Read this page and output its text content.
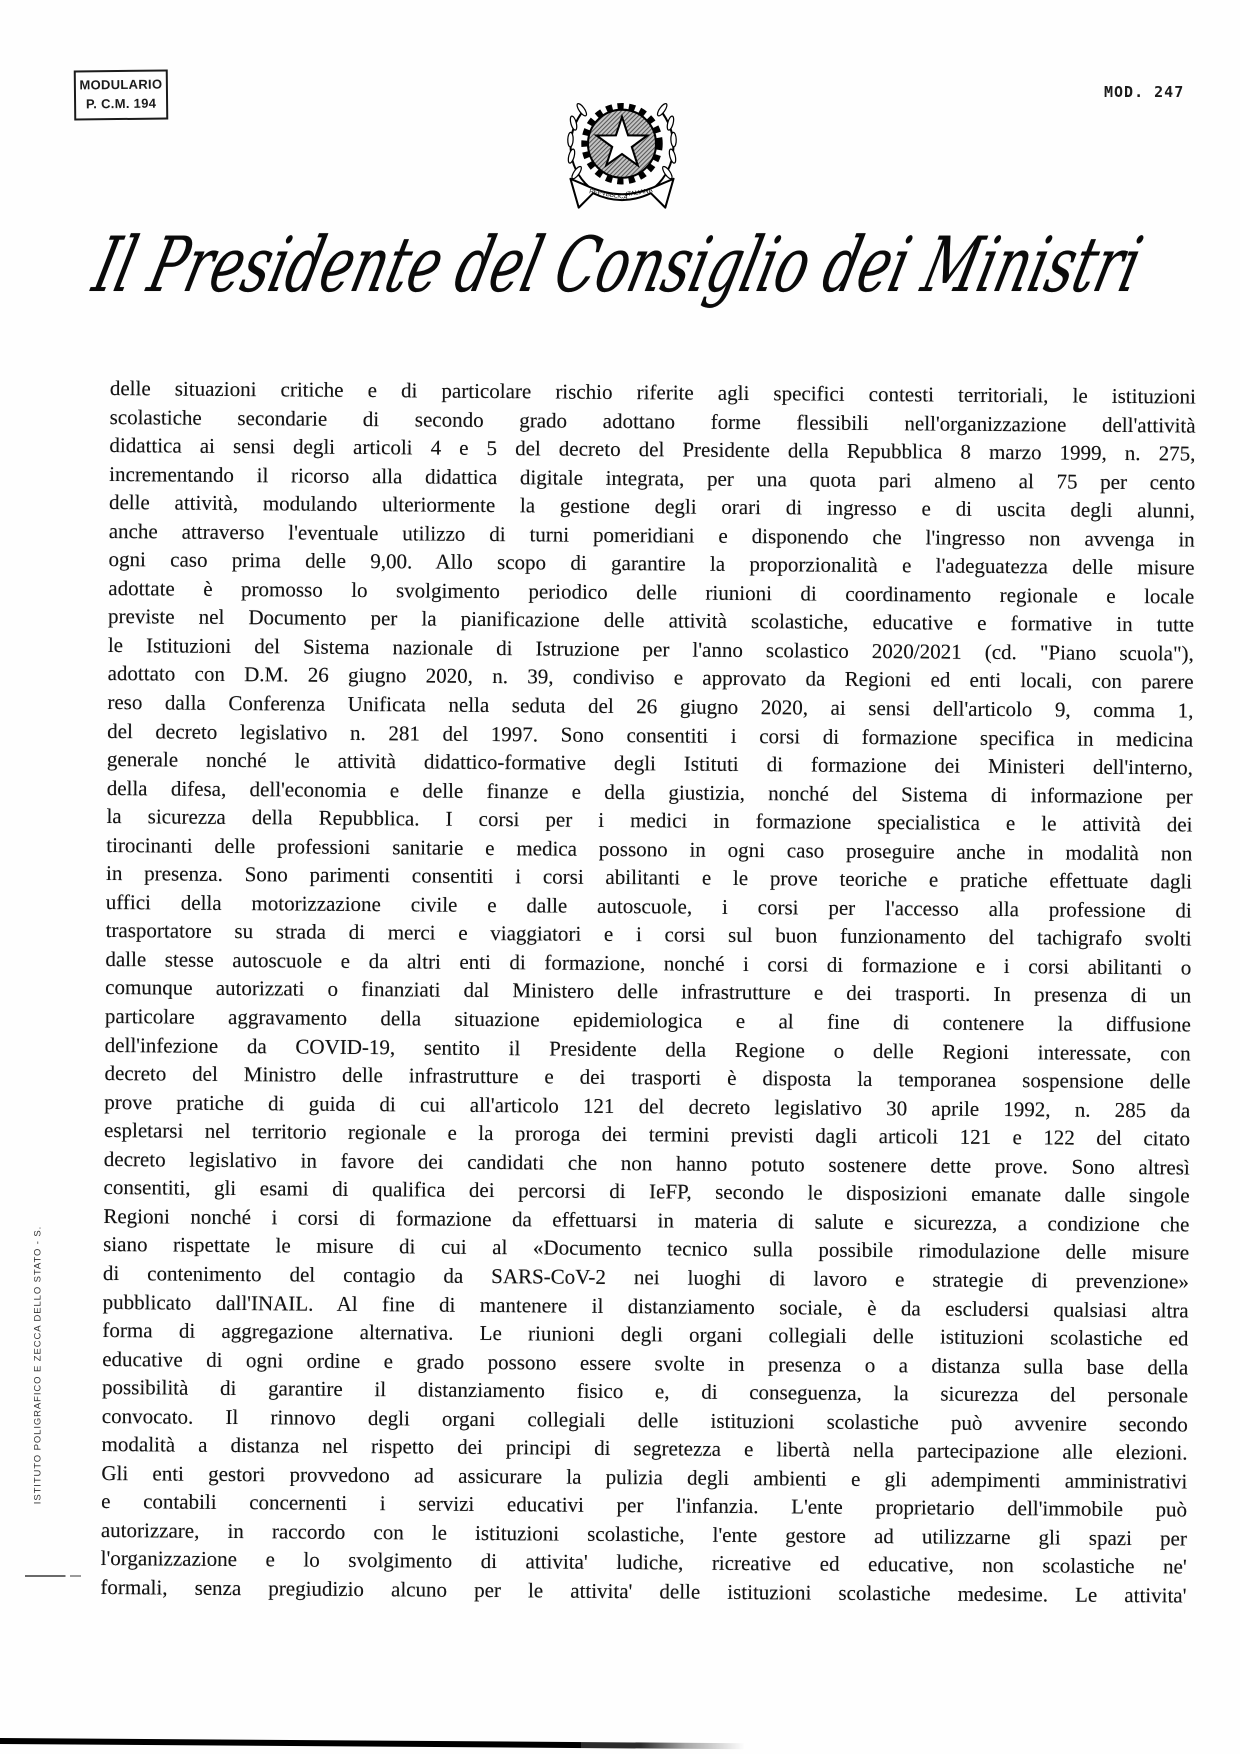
MODULARIO
P. C.M. 194
MOD. 247
REPVBBLICA
ITALIANA
Il Presidente del Consiglio dei Ministri
delle situazioni critiche e di particolare rischio riferite agli specifici contesti territoriali, le istituzioni
scolastiche secondarie di secondo grado adottano forme flessibili nell'organizzazione dell'attività
didattica ai sensi degli articoli 4 e 5 del decreto del Presidente della Repubblica 8 marzo 1999, n. 275,
incrementando il ricorso alla didattica digitale integrata, per una quota pari almeno al 75 per cento
delle attività, modulando ulteriormente la gestione degli orari di ingresso e di uscita degli alunni,
anche attraverso l'eventuale utilizzo di turni pomeridiani e disponendo che l'ingresso non avvenga in
ogni caso prima delle 9,00. Allo scopo di garantire la proporzionalità e l'adeguatezza delle misure
adottate è promosso lo svolgimento periodico delle riunioni di coordinamento regionale e locale
previste nel Documento per la pianificazione delle attività scolastiche, educative e formative in tutte
le Istituzioni del Sistema nazionale di Istruzione per l'anno scolastico 2020/2021 (cd. "Piano scuola"),
adottato con D.M. 26 giugno 2020, n. 39, condiviso e approvato da Regioni ed enti locali, con parere
reso dalla Conferenza Unificata nella seduta del 26 giugno 2020, ai sensi dell'articolo 9, comma 1,
del decreto legislativo n. 281 del 1997. Sono consentiti i corsi di formazione specifica in medicina
generale nonché le attività didattico-formative degli Istituti di formazione dei Ministeri dell'interno,
della difesa, dell'economia e delle finanze e della giustizia, nonché del Sistema di informazione per
la sicurezza della Repubblica. I corsi per i medici in formazione specialistica e le attività dei
tirocinanti delle professioni sanitarie e medica possono in ogni caso proseguire anche in modalità non
in presenza. Sono parimenti consentiti i corsi abilitanti e le prove teoriche e pratiche effettuate dagli
uffici della motorizzazione civile e dalle autoscuole, i corsi per l'accesso alla professione di
trasportatore su strada di merci e viaggiatori e i corsi sul buon funzionamento del tachigrafo svolti
dalle stesse autoscuole e da altri enti di formazione, nonché i corsi di formazione e i corsi abilitanti o
comunque autorizzati o finanziati dal Ministero delle infrastrutture e dei trasporti. In presenza di un
particolare aggravamento della situazione epidemiologica e al fine di contenere la diffusione
dell'infezione da COVID-19, sentito il Presidente della Regione o delle Regioni interessate, con
decreto del Ministro delle infrastrutture e dei trasporti è disposta la temporanea sospensione delle
prove pratiche di guida di cui all'articolo 121 del decreto legislativo 30 aprile 1992, n. 285 da
espletarsi nel territorio regionale e la proroga dei termini previsti dagli articoli 121 e 122 del citato
decreto legislativo in favore dei candidati che non hanno potuto sostenere dette prove. Sono altresì
consentiti, gli esami di qualifica dei percorsi di IeFP, secondo le disposizioni emanate dalle singole
Regioni nonché i corsi di formazione da effettuarsi in materia di salute e sicurezza, a condizione che
siano rispettate le misure di cui al «Documento tecnico sulla possibile rimodulazione delle misure
di contenimento del contagio da SARS-CoV-2 nei luoghi di lavoro e strategie di prevenzione»
pubblicato dall'INAIL. Al fine di mantenere il distanziamento sociale, è da escludersi qualsiasi altra
forma di aggregazione alternativa. Le riunioni degli organi collegiali delle istituzioni scolastiche ed
educative di ogni ordine e grado possono essere svolte in presenza o a distanza sulla base della
possibilità di garantire il distanziamento fisico e, di conseguenza, la sicurezza del personale
convocato. Il rinnovo degli organi collegiali delle istituzioni scolastiche può avvenire secondo
modalità a distanza nel rispetto dei principi di segretezza e libertà nella partecipazione alle elezioni.
Gli enti gestori provvedono ad assicurare la pulizia degli ambienti e gli adempimenti amministrativi
e contabili concernenti i servizi educativi per l'infanzia. L'ente proprietario dell'immobile può
autorizzare, in raccordo con le istituzioni scolastiche, l'ente gestore ad utilizzarne gli spazi per
l'organizzazione e lo svolgimento di attivita' ludiche, ricreative ed educative, non scolastiche ne'
formali, senza pregiudizio alcuno per le attivita' delle istituzioni scolastiche medesime. Le attivita'
ISTITUTO POLIGRAFICO E ZECCA DELLO STATO - S.
